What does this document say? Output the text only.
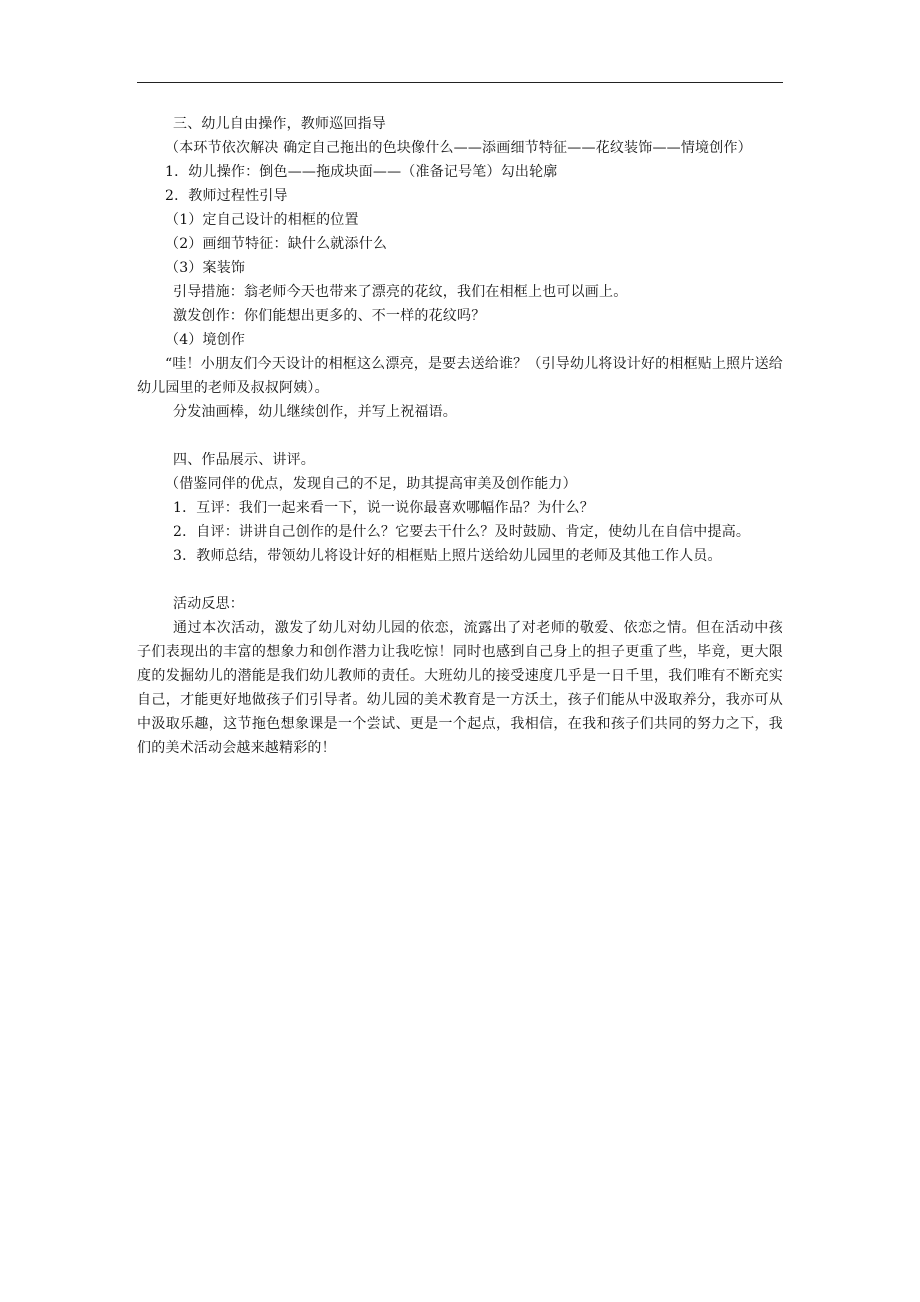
三、幼儿自由操作，教师巡回指导

（本环节依次解决 确定自己拖出的色块像什么——添画细节特征——花纹装饰——情境创作）

1．幼儿操作：倒色——拖成块面——（准备记号笔）勾出轮廓

2．教师过程性引导

（1）定自己设计的相框的位置

（2）画细节特征：缺什么就添什么

（3）案装饰

引导措施：翁老师今天也带来了漂亮的花纹，我们在相框上也可以画上。

激发创作：你们能想出更多的、不一样的花纹吗？

（4）境创作

“哇！小朋友们今天设计的相框这么漂亮，是要去送给谁？（引导幼儿将设计好的相框贴上照片送给幼儿园里的老师及叔叔阿姨）。

分发油画棒，幼儿继续创作，并写上祝福语。

四、作品展示、讲评。

（借鉴同伴的优点，发现自己的不足，助其提高审美及创作能力）

1．互评：我们一起来看一下，说一说你最喜欢哪幅作品？为什么？

2．自评：讲讲自己创作的是什么？它要去干什么？及时鼓励、肯定，使幼儿在自信中提高。

3．教师总结，带领幼儿将设计好的相框贴上照片送给幼儿园里的老师及其他工作人员。

活动反思：

通过本次活动，激发了幼儿对幼儿园的依恋，流露出了对老师的敬爱、依恋之情。但在活动中孩子们表现出的丰富的想象力和创作潜力让我吃惊！同时也感到自己身上的担子更重了些，毕竟，更大限度的发掘幼儿的潜能是我们幼儿教师的责任。大班幼儿的接受速度几乎是一日千里，我们唯有不断充实自己，才能更好地做孩子们引导者。幼儿园的美术教育是一方沃土，孩子们能从中汲取养分，我亦可从中汲取乐趣，这节拖色想象课是一个尝试、更是一个起点，我相信，在我和孩子们共同的努力之下，我们的美术活动会越来越精彩的！
